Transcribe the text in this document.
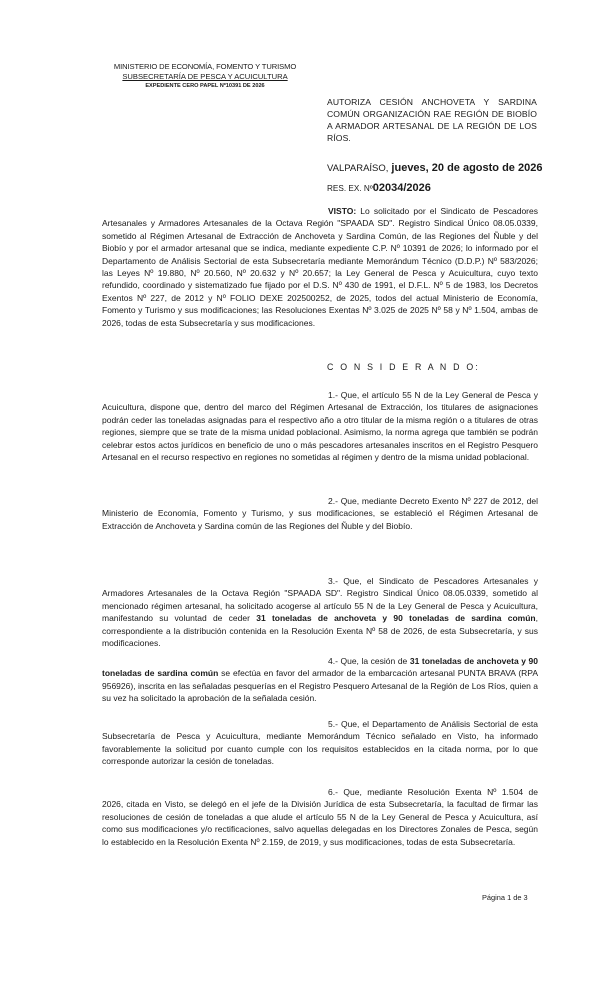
MINISTERIO DE ECONOMÍA, FOMENTO Y TURISMO
SUBSECRETARÍA DE PESCA Y ACUICULTURA
EXPEDIENTE CERO PAPEL Nº10391 DE 2026
AUTORIZA CESIÓN ANCHOVETA Y SARDINA COMÚN ORGANIZACIÓN RAE REGIÓN DE BIOBÍO A ARMADOR ARTESANAL DE LA REGIÓN DE LOS RÍOS.
VALPARAÍSO, jueves, 20 de agosto de 2026
RES. EX. Nº02034/2026

VISTO: Lo solicitado por el Sindicato de Pescadores Artesanales y Armadores Artesanales de la Octava Región "SPAADA SD". Registro Sindical Único 08.05.0339, sometido al Régimen Artesanal de Extracción de Anchoveta y Sardina Común, de las Regiones del Ñuble y del Biobío y por el armador artesanal que se indica, mediante expediente C.P. Nº 10391 de 2026; lo informado por el Departamento de Análisis Sectorial de esta Subsecretaría mediante Memorándum Técnico (D.D.P.) Nº 583/2026; las Leyes Nº 19.880, Nº 20.560, Nº 20.632 y Nº 20.657; la Ley General de Pesca y Acuicultura, cuyo texto refundido, coordinado y sistematizado fue fijado por el D.S. Nº 430 de 1991, el D.F.L. Nº 5 de 1983, los Decretos Exentos Nº 227, de 2012 y Nº FOLIO DEXE 202500252, de 2025, todos del actual Ministerio de Economía, Fomento y Turismo y sus modificaciones; las Resoluciones Exentas Nº 3.025 de 2025 Nº 58 y Nº 1.504, ambas de 2026, todas de esta Subsecretaría y sus modificaciones.

C O N S I D E R A N D O:

1.- Que, el artículo 55 N de la Ley General de Pesca y Acuicultura, dispone que, dentro del marco del Régimen Artesanal de Extracción, los titulares de asignaciones podrán ceder las toneladas asignadas para el respectivo año a otro titular de la misma región o a titulares de otras regiones, siempre que se trate de la misma unidad poblacional. Asimismo, la norma agrega que también se podrán celebrar estos actos jurídicos en beneficio de uno o más pescadores artesanales inscritos en el Registro Pesquero Artesanal en el recurso respectivo en regiones no sometidas al régimen y dentro de la misma unidad poblacional.

2.- Que, mediante Decreto Exento Nº 227 de 2012, del Ministerio de Economía, Fomento y Turismo, y sus modificaciones, se estableció el Régimen Artesanal de Extracción de Anchoveta y Sardina común de las Regiones del Ñuble y del Biobío.

3.- Que, el Sindicato de Pescadores Artesanales y Armadores Artesanales de la Octava Región "SPAADA SD". Registro Sindical Único 08.05.0339, sometido al mencionado régimen artesanal, ha solicitado acogerse al artículo 55 N de la Ley General de Pesca y Acuicultura, manifestando su voluntad de ceder 31 toneladas de anchoveta y 90 toneladas de sardina común, correspondiente a la distribución contenida en la Resolución Exenta Nº 58 de 2026, de esta Subsecretaría, y sus modificaciones.

4.- Que, la cesión de 31 toneladas de anchoveta y 90 toneladas de sardina común se efectúa en favor del armador de la embarcación artesanal PUNTA BRAVA (RPA 956926), inscrita en las señaladas pesquerías en el Registro Pesquero Artesanal de la Región de Los Ríos, quien a su vez ha solicitado la aprobación de la señalada cesión.

5.- Que, el Departamento de Análisis Sectorial de esta Subsecretaría de Pesca y Acuicultura, mediante Memorándum Técnico señalado en Visto, ha informado favorablemente la solicitud por cuanto cumple con los requisitos establecidos en la citada norma, por lo que corresponde autorizar la cesión de toneladas.

6.- Que, mediante Resolución Exenta Nº 1.504 de 2026, citada en Visto, se delegó en el jefe de la División Jurídica de esta Subsecretaría, la facultad de firmar las resoluciones de cesión de toneladas a que alude el artículo 55 N de la Ley General de Pesca y Acuicultura, así como sus modificaciones y/o rectificaciones, salvo aquellas delegadas en los Directores Zonales de Pesca, según lo establecido en la Resolución Exenta Nº 2.159, de 2019, y sus modificaciones, todas de esta Subsecretaría.

Página 1 de 3
